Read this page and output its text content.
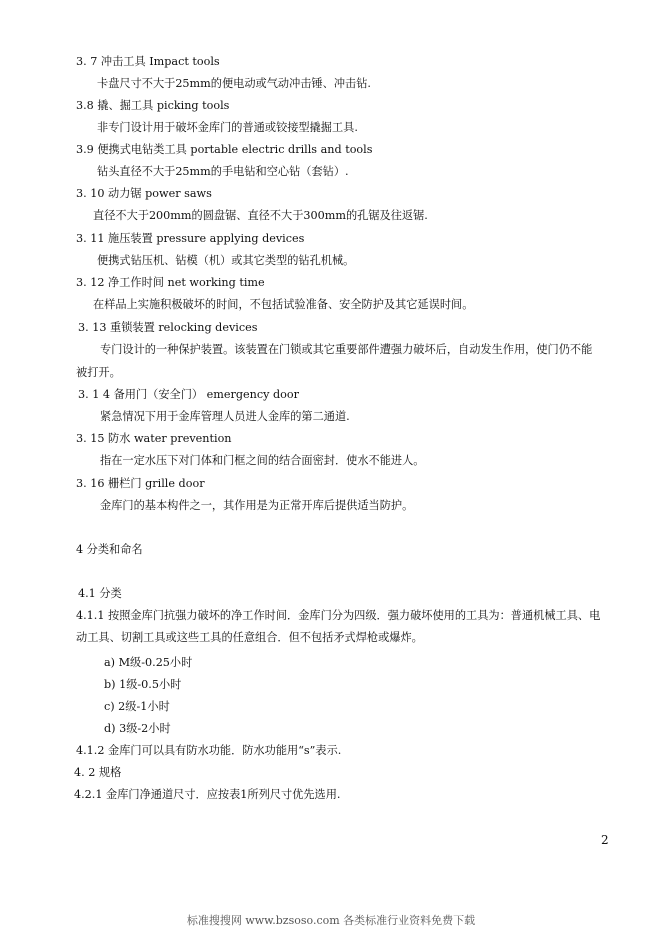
3. 7 冲击工具 Impact tools
卡盘尺寸不大于25mm的便电动或气动冲击锤、冲击钻.
3.8 撬、掘工具 picking tools
非专门设计用于破坏金库门的普通或铰接型撬掘工具.
3.9 便携式电钻类工具 portable electric drills and tools
钻头直径不大于25mm的手电钻和空心钻（套钻）.
3. 10 动力锯 power saws
直径不大于200mm的圆盘锯、直径不大于300mm的孔锯及往返锯.
3. 11 施压装置 pressure applying devices
便携式钻压机、钻模（机）或其它类型的钻孔机械。
3. 12 净工作时间 net working time
在样品上实施积极破坏的时间，不包括试验准备、安全防护及其它延误时间。
3. 13 重锁装置 relocking devices
专门设计的一种保护装置。该装置在门锁或其它重要部件遭强力破坏后，自动发生作用，使门仍不能
被打开。
3. 1 4 备用门（安全门） emergency door
紧急情况下用于金库管理人员进人金库的第二通道.
3. 15 防水 water prevention
指在一定水压下对门体和门框之间的结合面密封．使水不能进人。
3. 16 栅栏门 grille door
金库门的基本构件之一，其作用是为正常开库后提供适当防护。
4 分类和命名
4.1 分类
4.1.1 按照金库门抗强力破坏的净工作时间．金库门分为四级．强力破坏使用的工具为：普通机械工具、电
动工具、切割工具或这些工具的任意组合．但不包括矛式焊枪或爆炸。
a) M级-0.25小时
b) 1级-0.5小时
c) 2级-1小时
d) 3级-2小时
4.1.2 金库门可以具有防水功能．防水功能用“s”表示.
4. 2 规格
4.2.1 金库门净通道尺寸．应按表1所列尺寸优先选用.
2
标准搜搜网 www.bzsoso.com 各类标准行业资料免费下载
